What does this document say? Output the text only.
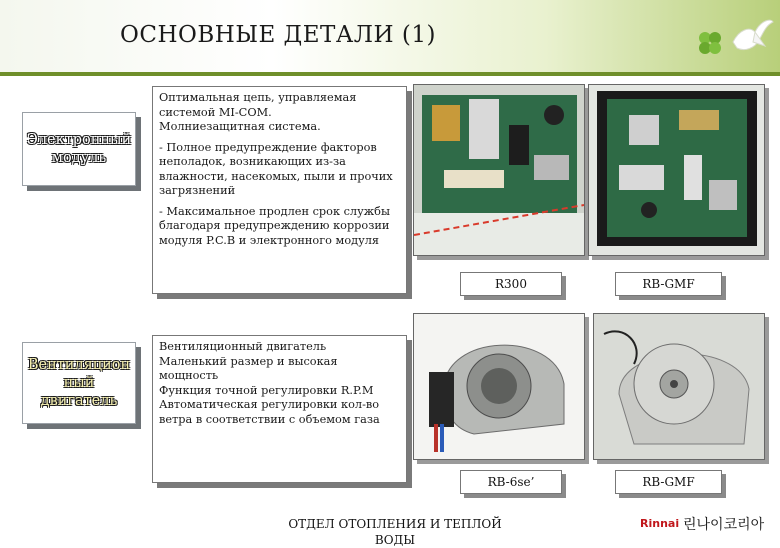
ОСНОВНЫЕ ДЕТАЛИ (1)
Электронный
модуль

Оптимальная цепь, управляемая системой MI-COM.
Молниезащитная система.

- Полное предупреждение факторов неполадок, возникающих из-за влажности, насекомых, пыли и прочих загрязнений

- Максимальное продлен срок службы благодаря предупреждению коррозии модуля P.C.B и электронного модуля

R300	RB-GMF
Вентиляцион
ный
двигатель

Вентиляционный двигатель
Маленький размер и высокая мощность
Функция точной регулировки R.P.M
Автоматическая регулировки кол-во ветра в соответствии с объемом газа

RB-6se’	RB-GMF
ОТДЕЛ ОТОПЛЕНИЯ И ТЕПЛОЙ ВОДЫ
Rinnai 린나이코리아
